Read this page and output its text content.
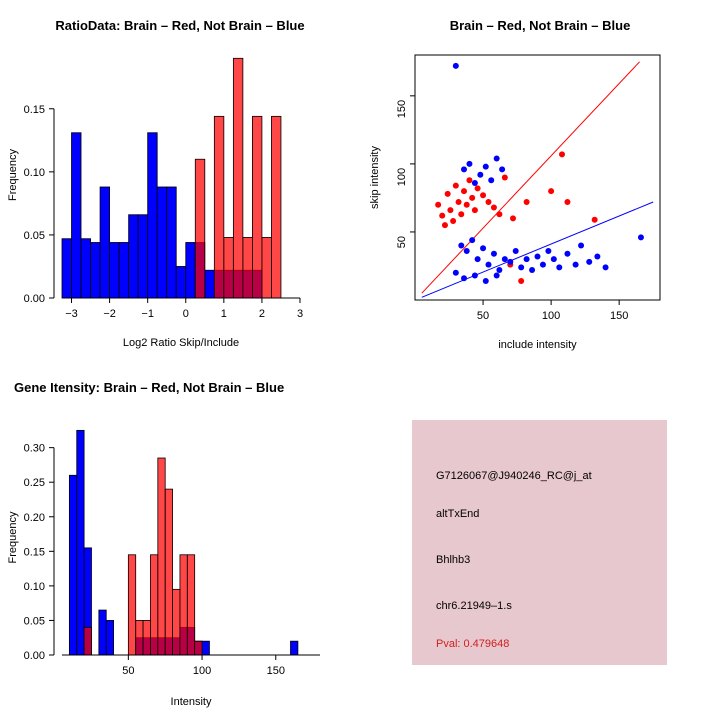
RatioData: Brain – Red, Not Brain – Blue
−3 −2 −1	0	1	2	3
0.00
0.05
0.10
0.15
Log2 Ratio Skip/Include
Frequency
Brain – Red, Not Brain – Blue
50	100	150
50
100
150
include intensity
skip intensity
Gene Itensity: Brain – Red, Not Brain – Blue
50	100	150
0.00
0.05
0.10
0.15
0.20
0.25
0.30
Intensity
Frequency
G7126067@J940246_RC@j_at
altTxEnd
Bhlhb3
chr6.21949–1.s
Pval: 0.479648
